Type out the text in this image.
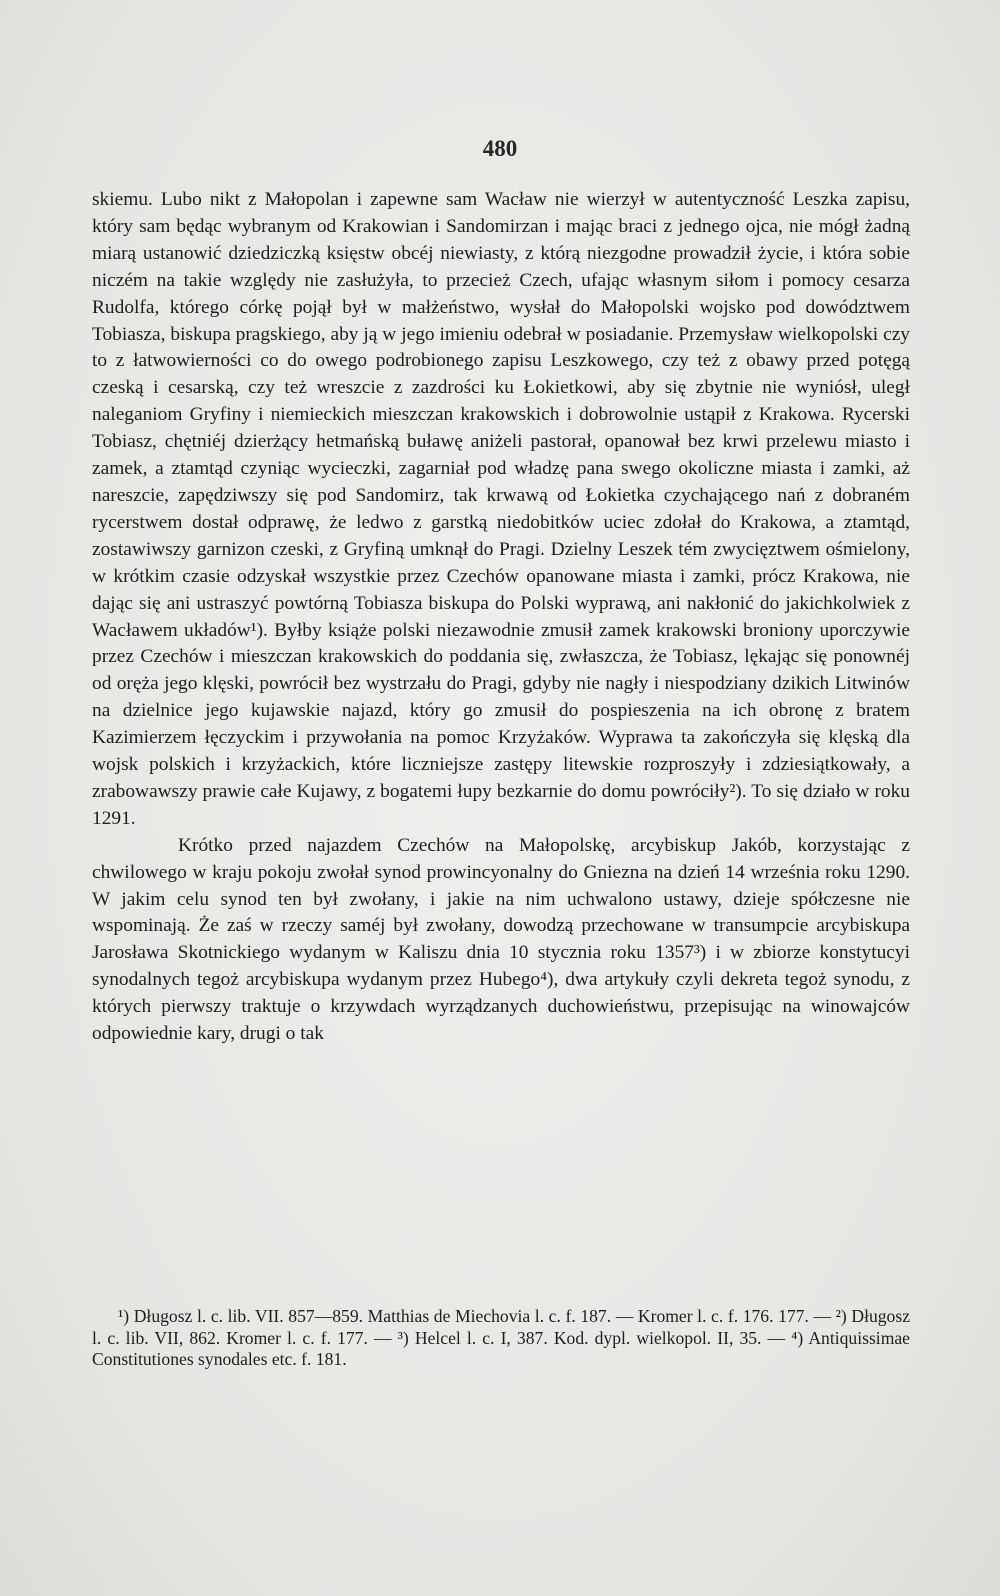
480

skiemu. Lubo nikt z Małopolan i zapewne sam Wacław nie wierzył w autentyczność Leszka zapisu, który sam będąc wybranym od Krakowian i Sandomirzan i mając braci z jednego ojca, nie mógł żadną miarą ustanowić dziedziczką księstw obcéj niewiasty, z którą niezgodne prowadził życie, i która sobie niczém na takie względy nie zasłużyła, to przecież Czech, ufając własnym siłom i pomocy cesarza Rudolfa, którego córkę pojął był w małżeństwo, wysłał do Małopolski wojsko pod dowództwem Tobiasza, biskupa pragskiego, aby ją w jego imieniu odebrał w posiadanie. Przemysław wielkopolski czy to z łatwowierności co do owego podrobionego zapisu Leszkowego, czy też z obawy przed potęgą czeską i cesarską, czy też wreszcie z zazdrości ku Łokietkowi, aby się zbytnie nie wyniósł, uległ naleganiom Gryfiny i niemieckich mieszczan krakowskich i dobrowolnie ustąpił z Krakowa. Rycerski Tobiasz, chętniéj dzierżący hetmańską buławę aniżeli pastorał, opanował bez krwi przelewu miasto i zamek, a ztamtąd czyniąc wycieczki, zagarniał pod władzę pana swego okoliczne miasta i zamki, aż nareszcie, zapędziwszy się pod Sandomirz, tak krwawą od Łokietka czychającego nań z dobraném rycerstwem dostał odprawę, że ledwo z garstką niedobitków uciec zdołał do Krakowa, a ztamtąd, zostawiwszy garnizon czeski, z Gryfiną umknął do Pragi. Dzielny Leszek tém zwycięztwem ośmielony, w krótkim czasie odzyskał wszystkie przez Czechów opanowane miasta i zamki, prócz Krakowa, nie dając się ani ustraszyć powtórną Tobiasza biskupa do Polski wyprawą, ani nakłonić do jakichkolwiek z Wacławem układów¹). Byłby książe polski niezawodnie zmusił zamek krakowski broniony uporczywie przez Czechów i mieszczan krakowskich do poddania się, zwłaszcza, że Tobiasz, lękając się ponownéj od oręża jego klęski, powrócił bez wystrzału do Pragi, gdyby nie nagły i niespodziany dzikich Litwinów na dzielnice jego kujawskie najazd, który go zmusił do pospieszenia na ich obronę z bratem Kazimierzem łęczyckim i przywołania na pomoc Krzyżaków. Wyprawa ta zakończyła się klęską dla wojsk polskich i krzyżackich, które liczniejsze zastępy litewskie rozproszyły i zdziesiątkowały, a zrabowawszy prawie całe Kujawy, z bogatemi łupy bezkarnie do domu powróciły²). To się działo w roku 1291.

Krótko przed najazdem Czechów na Małopolskę, arcybiskup Jakób, korzystając z chwilowego w kraju pokoju zwołał synod prowincyonalny do Gniezna na dzień 14 września roku 1290. W jakim celu synod ten był zwołany, i jakie na nim uchwalono ustawy, dzieje spółczesne nie wspominają. Że zaś w rzeczy saméj był zwołany, dowodzą przechowane w transumpcie arcybiskupa Jarosława Skotnickiego wydanym w Kaliszu dnia 10 stycznia roku 1357³) i w zbiorze konstytucyi synodalnych tegoż arcybiskupa wydanym przez Hubego⁴), dwa artykuły czyli dekreta tegoż synodu, z których pierwszy traktuje o krzywdach wyrządzanych duchowieństwu, przepisując na winowajców odpowiednie kary, drugi o tak

¹) Długosz l. c. lib. VII. 857—859. Matthias de Miechovia l. c. f. 187. — Kromer l. c. f. 176. 177. — ²) Długosz l. c. lib. VII, 862. Kromer l. c. f. 177. — ³) Helcel l. c. I, 387. Kod. dypl. wielkopol. II, 35. — ⁴) Antiquissimae Constitutiones synodales etc. f. 181.
